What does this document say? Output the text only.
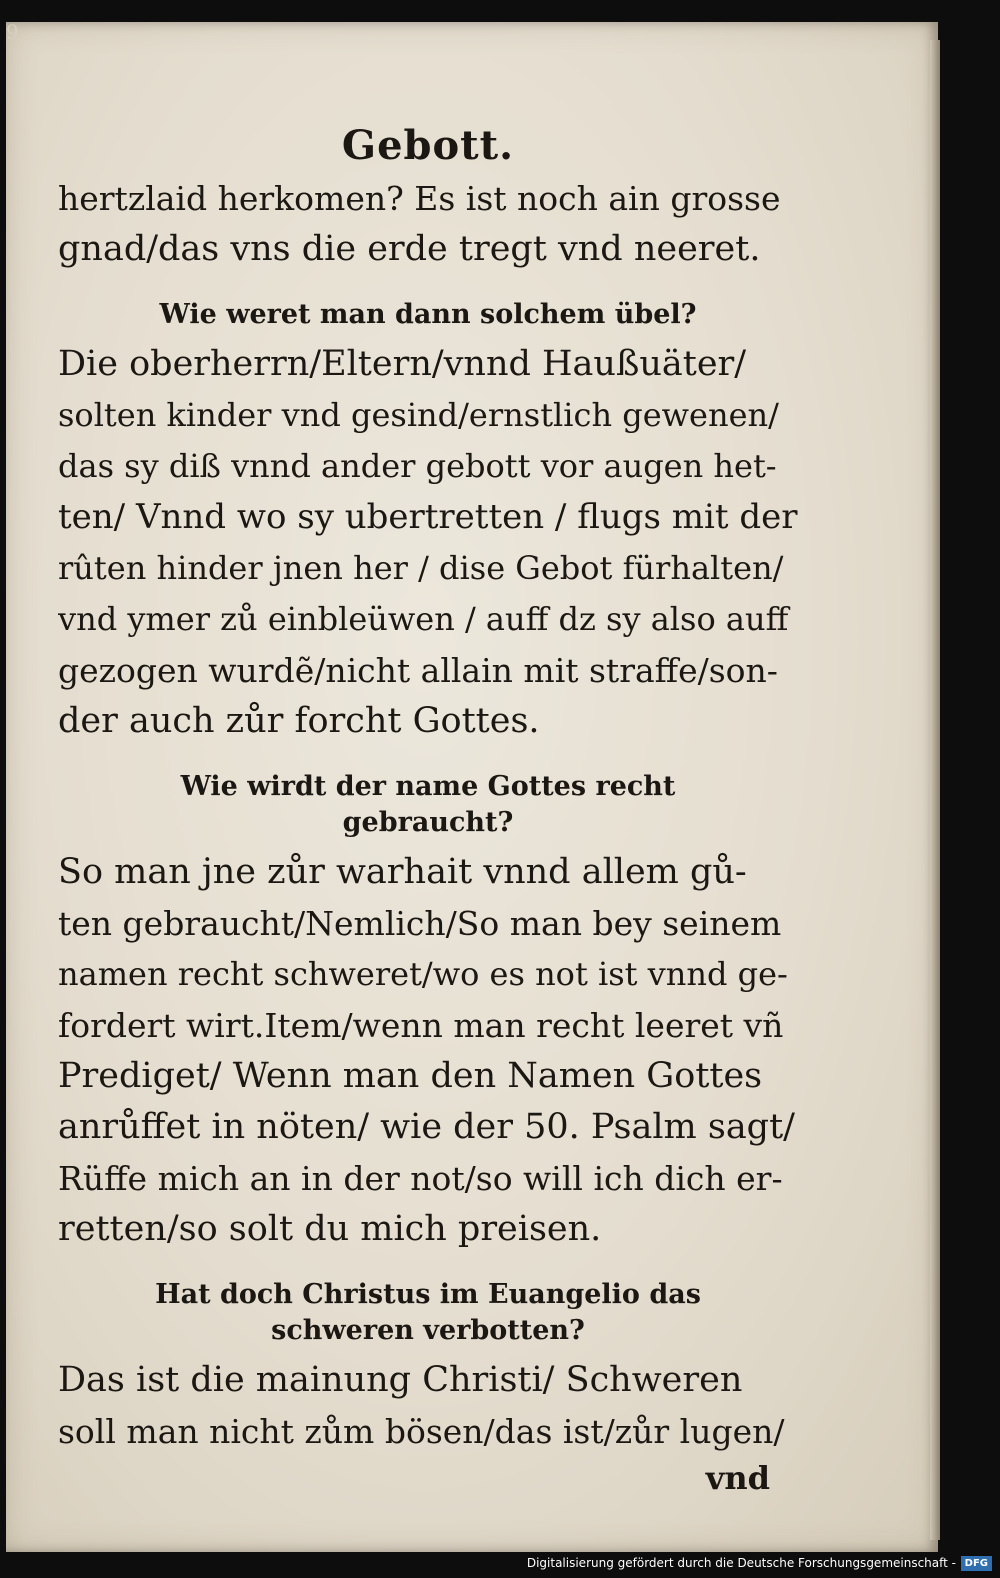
9
Gebott.
hertzlaid herkomen? Es ist noch ain grosse
gnad/das vns die erde tregt vnd neeret.
Wie weret man dann solchem übel?
Die oberherrn/Eltern/vnnd Haußuäter/
solten kinder vnd gesind/ernstlich gewenen/
das sy diß vnnd ander gebott vor augen het-
ten/ Vnnd wo sy ubertretten / flugs mit der
rûten hinder jnen her / dise Gebot fürhalten/
vnd ymer zů einbleüwen / auff dz sy also auff
gezogen wurdẽ/nicht allain mit straffe/son-
der auch zůr forcht Gottes.
Wie wirdt der name Gottes recht
gebraucht?
So man jne zůr warhait vnnd allem gů-
ten gebraucht/Nemlich/So man bey seinem
namen recht schweret/wo es not ist vnnd ge-
fordert wirt.Item/wenn man recht leeret vñ
Prediget/ Wenn man den Namen Gottes
anrůffet in nöten/ wie der 50. Psalm sagt/
Rüffe mich an in der not/so will ich dich er-
retten/so solt du mich preisen.
Hat doch Christus im Euangelio das
schweren verbotten?
Das ist die mainung Christi/ Schweren
soll man nicht zům bösen/das ist/zůr lugen/
vnd
Digitalisierung gefördert durch die Deutsche Forschungsgemeinschaft - DFG
